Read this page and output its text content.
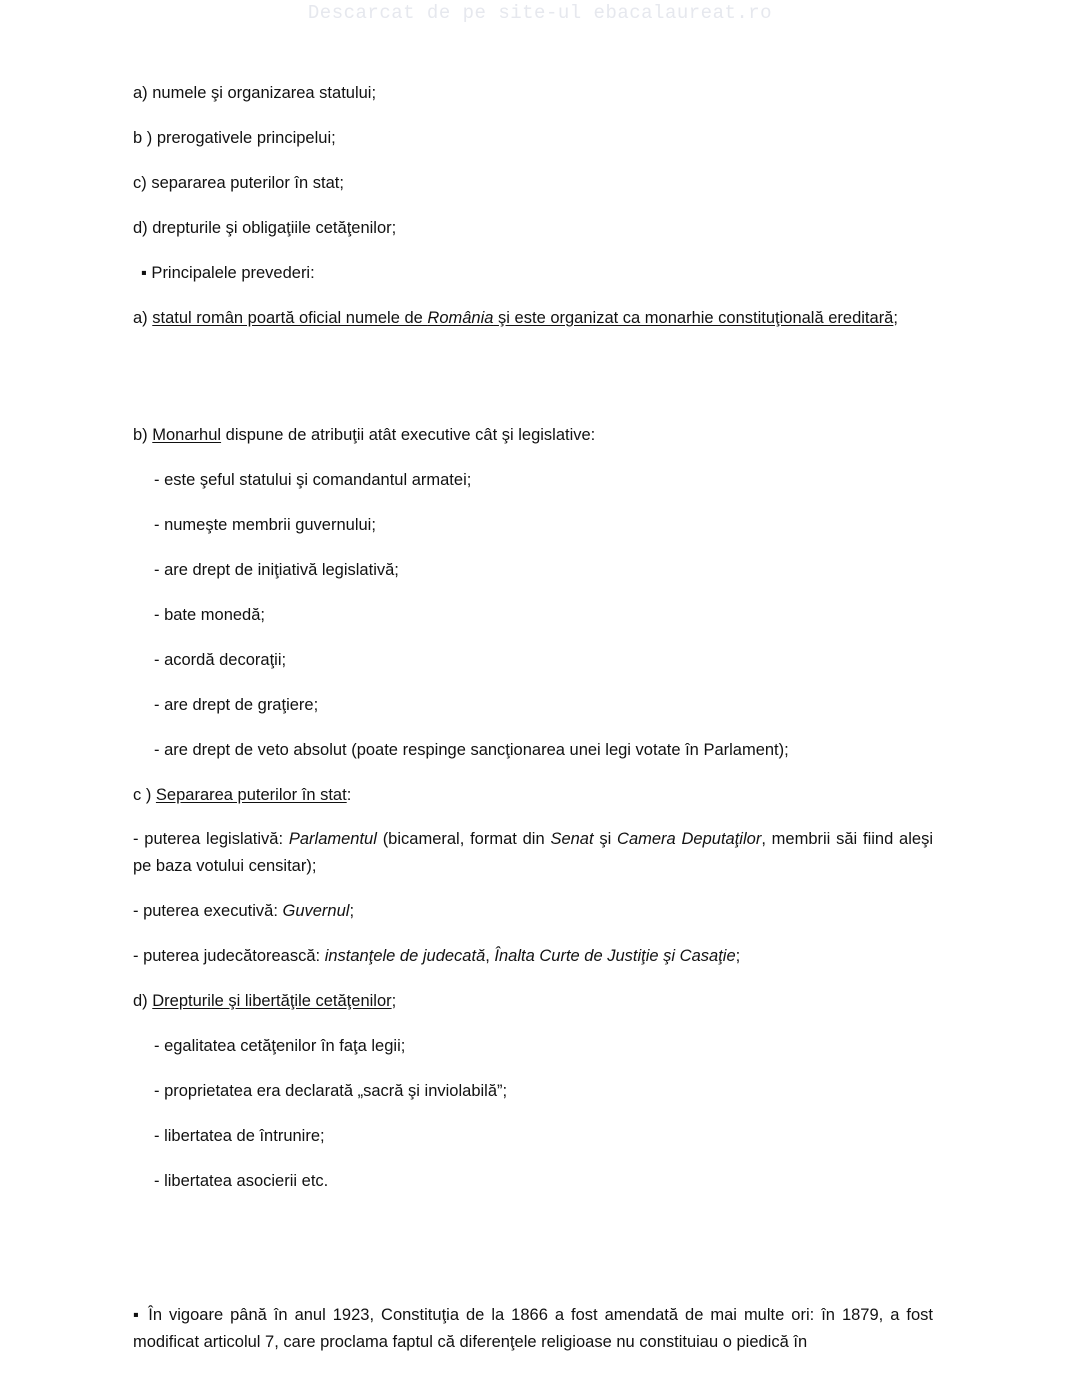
Descarcat de pe site-ul ebacalaureat.ro
a) numele şi organizarea statului;
b ) prerogativele principelui;
c) separarea puterilor în stat;
d) drepturile şi obligaţiile cetăţenilor;
▪ Principalele prevederi:
a) statul român poartă oficial numele de România şi este organizat ca monarhie constituţională ereditară;
b) Monarhul dispune de atribuţii atât executive cât şi legislative:
- este şeful statului şi comandantul armatei;
- numeşte membrii guvernului;
- are drept de iniţiativă legislativă;
- bate monedă;
- acordă decoraţii;
- are drept de graţiere;
- are drept de veto absolut (poate respinge sancţionarea unei legi votate în Parlament);
c ) Separarea puterilor în stat:
- puterea legislativă: Parlamentul (bicameral, format din Senat şi Camera Deputaţilor, membrii săi fiind aleşi pe baza votului censitar);
- puterea executivă: Guvernul;
- puterea judecătorească: instanţele de judecată, Înalta Curte de Justiţie şi Casaţie;
d) Drepturile şi libertăţile cetăţenilor;
- egalitatea cetăţenilor în faţa legii;
- proprietatea era declarată „sacră şi inviolabilă”;
- libertatea de întrunire;
- libertatea asocierii etc.
▪ În vigoare până în anul 1923, Constituţia de la 1866 a fost amendată de mai multe ori: în 1879, a fost modificat articolul 7, care proclama faptul că diferenţele religioase nu constituiau o piedică în
